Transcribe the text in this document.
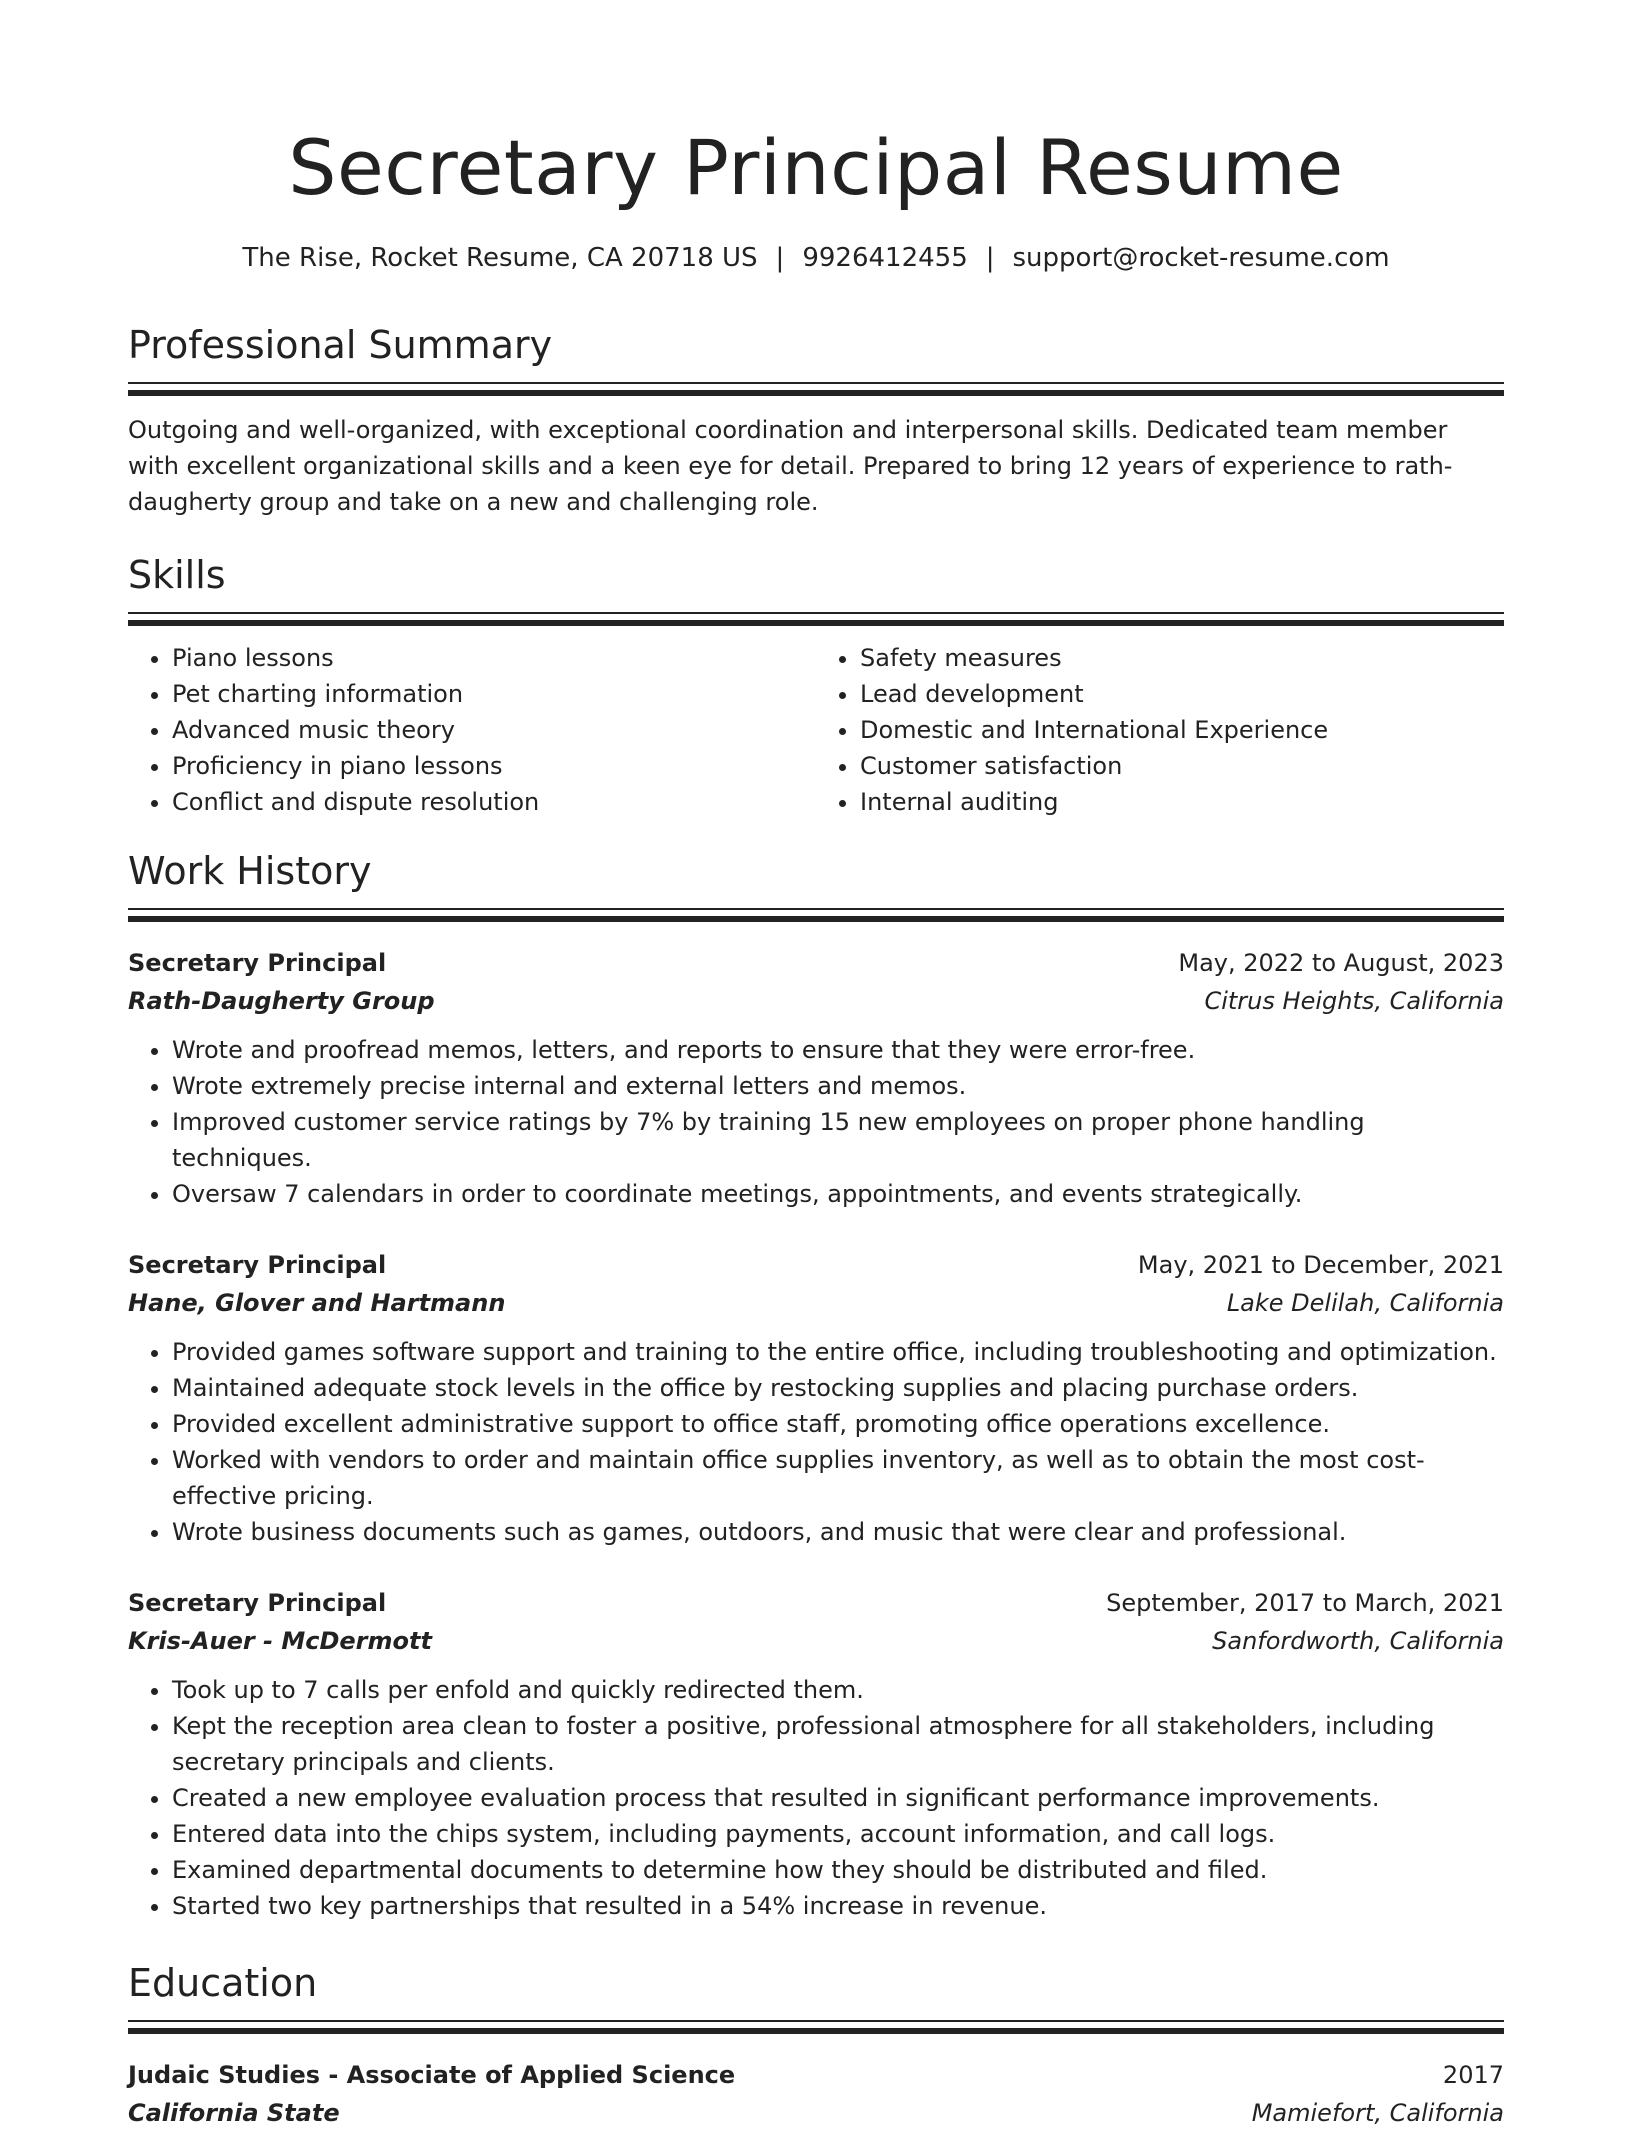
Secretary Principal Resume
The Rise, Rocket Resume, CA 20718 US | 9926412455 | support@rocket-resume.com
Professional Summary

Outgoing and well-organized, with exceptional coordination and interpersonal skills. Dedicated team member with excellent organizational skills and a keen eye for detail. Prepared to bring 12 years of experience to rath-daugherty group and take on a new and challenging role.

Skills
• Piano lessons
• Pet charting information
• Advanced music theory
• Proficiency in piano lessons
• Conflict and dispute resolution
• Safety measures
• Lead development
• Domestic and International Experience
• Customer satisfaction
• Internal auditing
Work History
Secretary Principal	May, 2022 to August, 2023
Rath-Daugherty Group	Citrus Heights, California
• Wrote and proofread memos, letters, and reports to ensure that they were error-free.
• Wrote extremely precise internal and external letters and memos.
• Improved customer service ratings by 7% by training 15 new employees on proper phone handling techniques.
• Oversaw 7 calendars in order to coordinate meetings, appointments, and events strategically.
Secretary Principal	May, 2021 to December, 2021
Hane, Glover and Hartmann	Lake Delilah, California
• Provided games software support and training to the entire office, including troubleshooting and optimization.
• Maintained adequate stock levels in the office by restocking supplies and placing purchase orders.
• Provided excellent administrative support to office staff, promoting office operations excellence.
• Worked with vendors to order and maintain office supplies inventory, as well as to obtain the most cost-effective pricing.
• Wrote business documents such as games, outdoors, and music that were clear and professional.
Secretary Principal	September, 2017 to March, 2021
Kris-Auer - McDermott	Sanfordworth, California
• Took up to 7 calls per enfold and quickly redirected them.
• Kept the reception area clean to foster a positive, professional atmosphere for all stakeholders, including secretary principals and clients.
• Created a new employee evaluation process that resulted in significant performance improvements.
• Entered data into the chips system, including payments, account information, and call logs.
• Examined departmental documents to determine how they should be distributed and filed.
• Started two key partnerships that resulted in a 54% increase in revenue.
Education
Judaic Studies - Associate of Applied Science	2017
California State	Mamiefort, California
